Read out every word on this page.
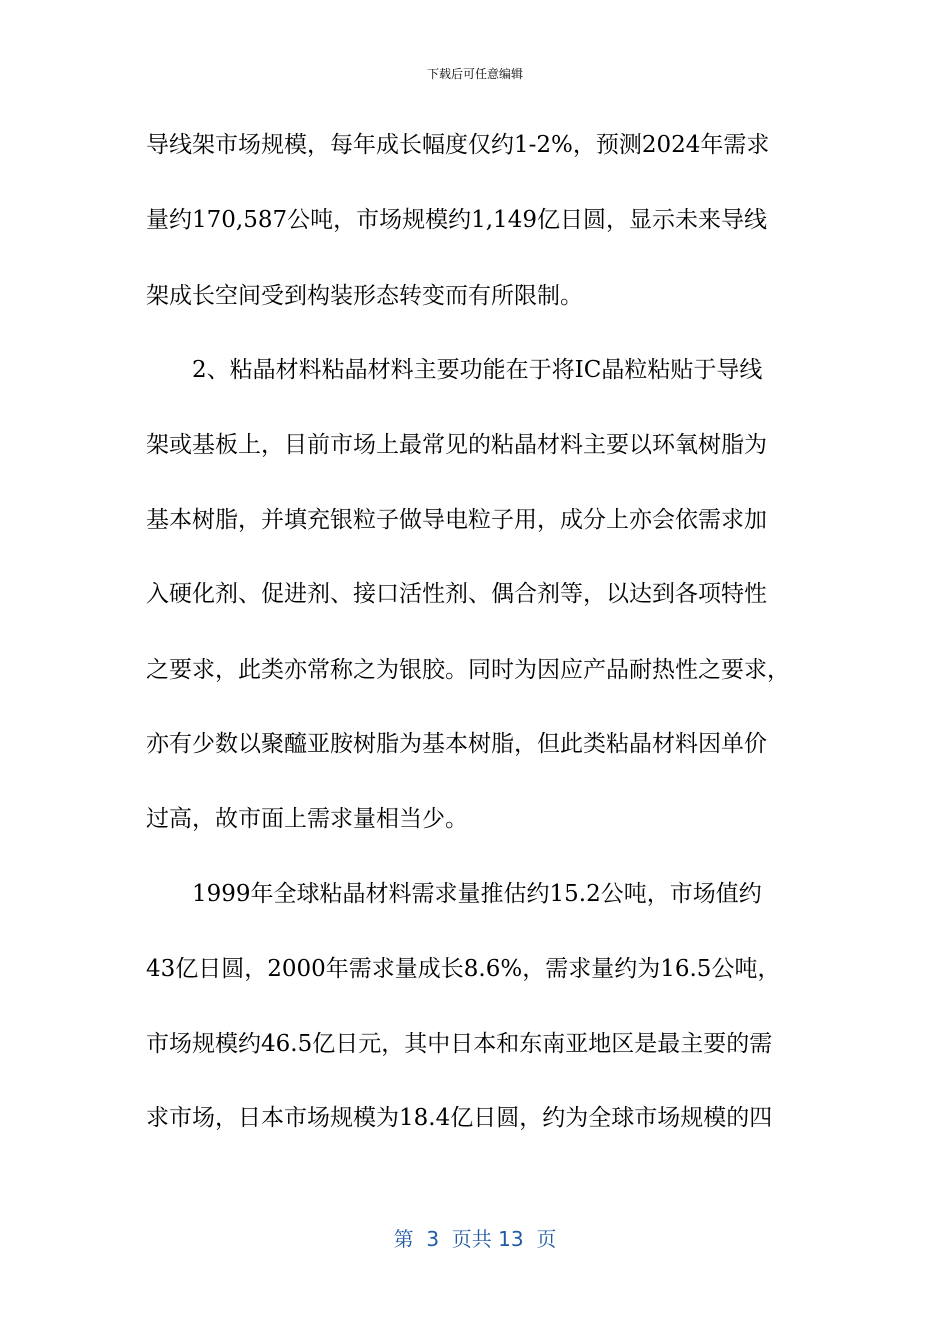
下载后可任意编辑
导线架市场规模，每年成长幅度仅约1-2%，预测2024年需求
量约170,587公吨，市场规模约1,149亿日圆，显示未来导线
架成长空间受到构装形态转变而有所限制。
2、粘晶材料粘晶材料主要功能在于将IC晶粒粘贴于导线
架或基板上，目前市场上最常见的粘晶材料主要以环氧树脂为
基本树脂，并填充银粒子做导电粒子用，成分上亦会依需求加
入硬化剂、促进剂、接口活性剂、偶合剂等，以达到各项特性
之要求，此类亦常称之为银胶。同时为因应产品耐热性之要求，
亦有少数以聚醯亚胺树脂为基本树脂，但此类粘晶材料因单价
过高，故市面上需求量相当少。
1999年全球粘晶材料需求量推估约15.2公吨，市场值约
43亿日圆，2000年需求量成长8.6%，需求量约为16.5公吨，
市场规模约46.5亿日元，其中日本和东南亚地区是最主要的需
求市场，日本市场规模为18.4亿日圆，约为全球市场规模的四
第  3  页共 13  页
